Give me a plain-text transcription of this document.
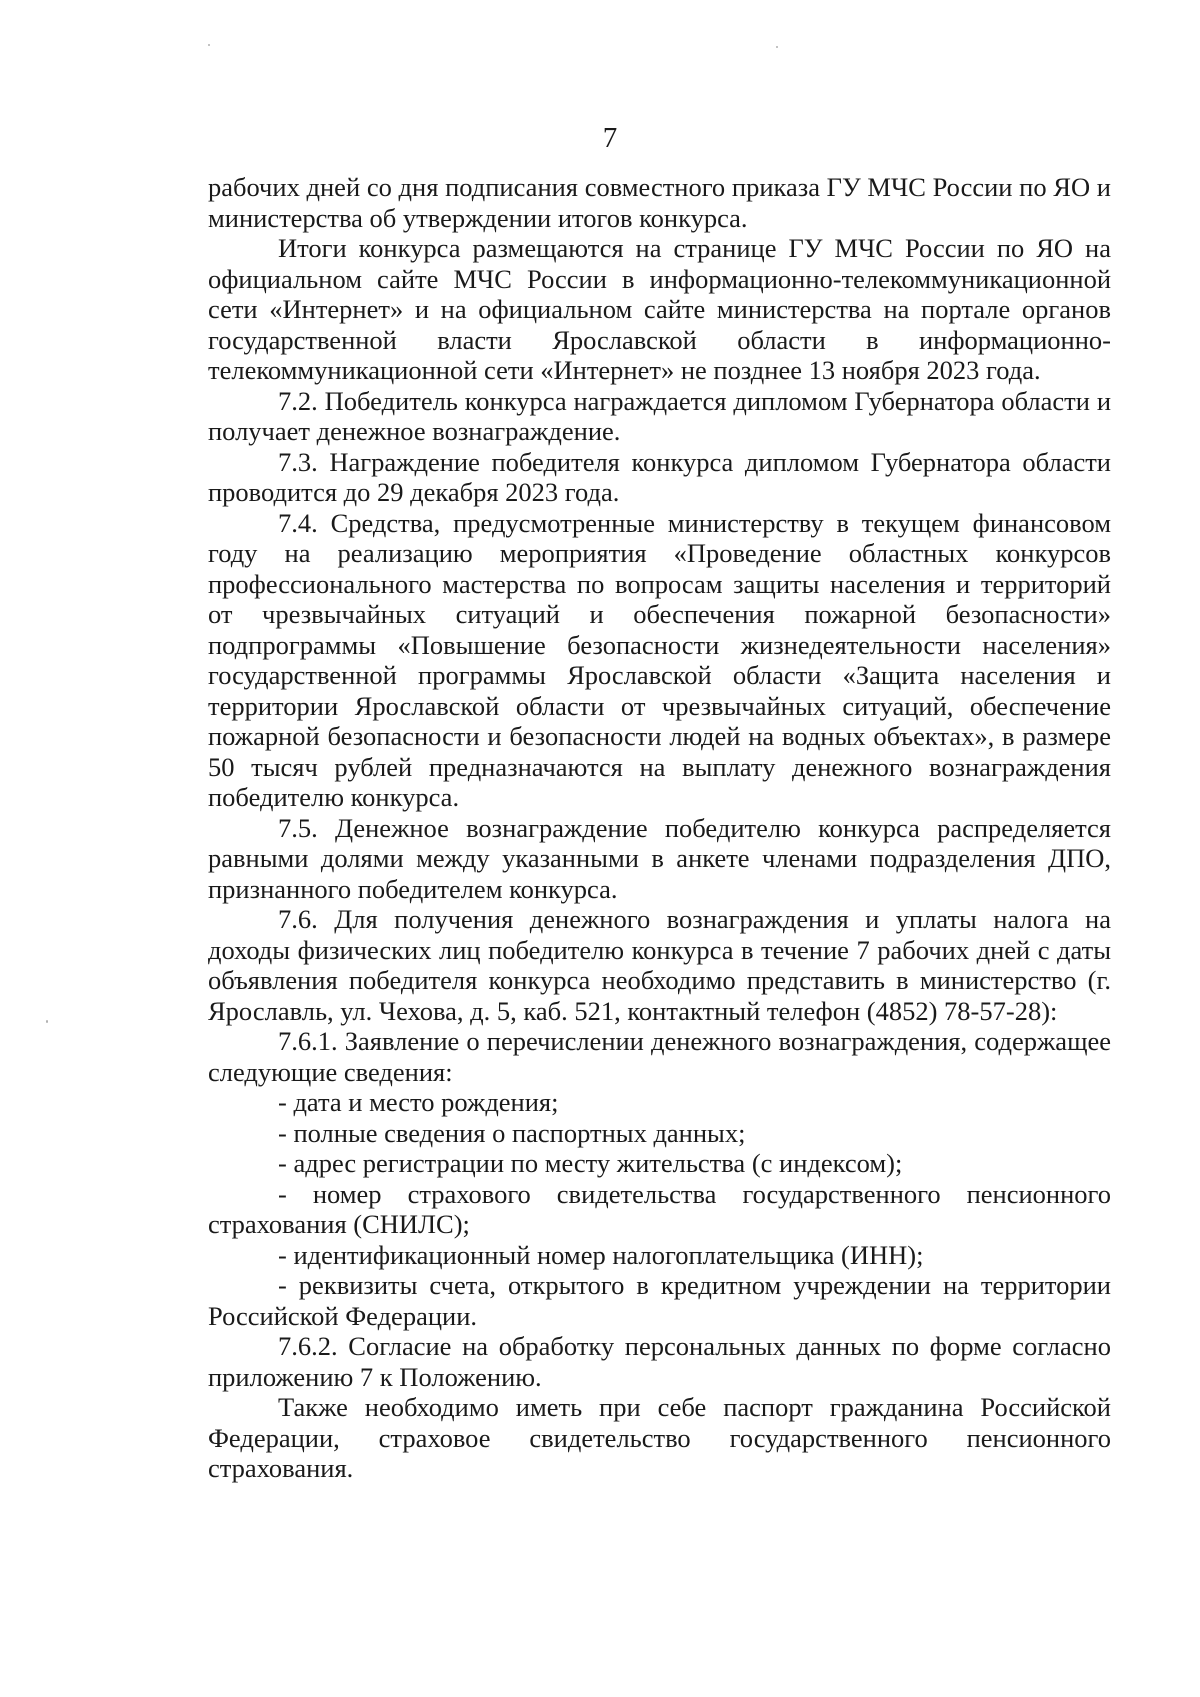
7

рабочих дней со дня подписания совместного приказа ГУ МЧС России по ЯО и министерства об утверждении итогов конкурса.

Итоги конкурса размещаются на странице ГУ МЧС России по ЯО на официальном сайте МЧС России в информационно-телекоммуникационной сети «Интернет» и на официальном сайте министерства на портале органов государственной власти Ярославской области в информационно-телекоммуникационной сети «Интернет» не позднее 13 ноября 2023 года.

7.2. Победитель конкурса награждается дипломом Губернатора области и получает денежное вознаграждение.

7.3. Награждение победителя конкурса дипломом Губернатора области проводится до 29 декабря 2023 года.

7.4. Средства, предусмотренные министерству в текущем финансовом году на реализацию мероприятия «Проведение областных конкурсов профессионального мастерства по вопросам защиты населения и территорий от чрезвычайных ситуаций и обеспечения пожарной безопасности» подпрограммы «Повышение безопасности жизнедеятельности населения» государственной программы Ярославской области «Защита населения и территории Ярославской области от чрезвычайных ситуаций, обеспечение пожарной безопасности и безопасности людей на водных объектах», в размере 50 тысяч рублей предназначаются на выплату денежного вознаграждения победителю конкурса.

7.5. Денежное вознаграждение победителю конкурса распределяется равными долями между указанными в анкете членами подразделения ДПО, признанного победителем конкурса.

7.6. Для получения денежного вознаграждения и уплаты налога на доходы физических лиц победителю конкурса в течение 7 рабочих дней с даты объявления победителя конкурса необходимо представить в министерство (г. Ярославль, ул. Чехова, д. 5, каб. 521, контактный телефон (4852) 78-57-28):

7.6.1. Заявление о перечислении денежного вознаграждения, содержащее следующие сведения:

- дата и место рождения;

- полные сведения о паспортных данных;

- адрес регистрации по месту жительства (с индексом);

- номер страхового свидетельства государственного пенсионного страхования (СНИЛС);

- идентификационный номер налогоплательщика (ИНН);

- реквизиты счета, открытого в кредитном учреждении на территории Российской Федерации.

7.6.2. Согласие на обработку персональных данных по форме согласно приложению 7 к Положению.

Также необходимо иметь при себе паспорт гражданина Российской Федерации, страховое свидетельство государственного пенсионного страхования.
